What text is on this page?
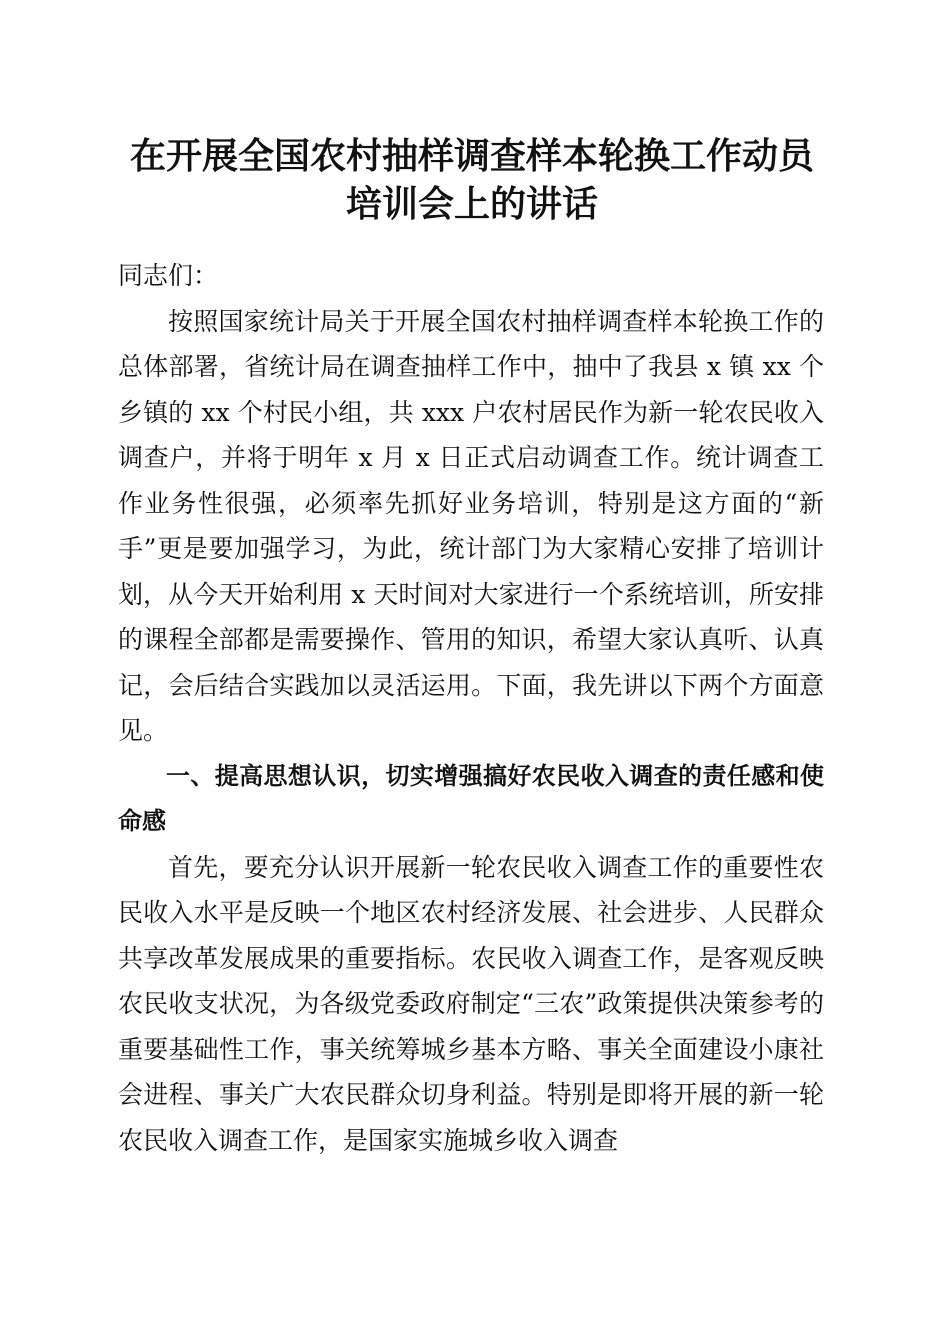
在开展全国农村抽样调查样本轮换工作动员培训会上的讲话

同志们：

按照国家统计局关于开展全国农村抽样调查样本轮换工作的总体部署，省统计局在调查抽样工作中，抽中了我县 x 镇 xx 个乡镇的 xx 个村民小组，共 xxx 户农村居民作为新一轮农民收入调查户，并将于明年 x 月 x 日正式启动调查工作。统计调查工作业务性很强，必须率先抓好业务培训，特别是这方面的“新手”更是要加强学习，为此，统计部门为大家精心安排了培训计划，从今天开始利用 x 天时间对大家进行一个系统培训，所安排的课程全部都是需要操作、管用的知识，希望大家认真听、认真记，会后结合实践加以灵活运用。下面，我先讲以下两个方面意见。

一、提高思想认识，切实增强搞好农民收入调查的责任感和使命感

首先，要充分认识开展新一轮农民收入调查工作的重要性农民收入水平是反映一个地区农村经济发展、社会进步、人民群众共享改革发展成果的重要指标。农民收入调查工作，是客观反映农民收支状况，为各级党委政府制定“三农”政策提供决策参考的重要基础性工作，事关统筹城乡基本方略、事关全面建设小康社会进程、事关广大农民群众切身利益。特别是即将开展的新一轮农民收入调查工作，是国家实施城乡收入调查
